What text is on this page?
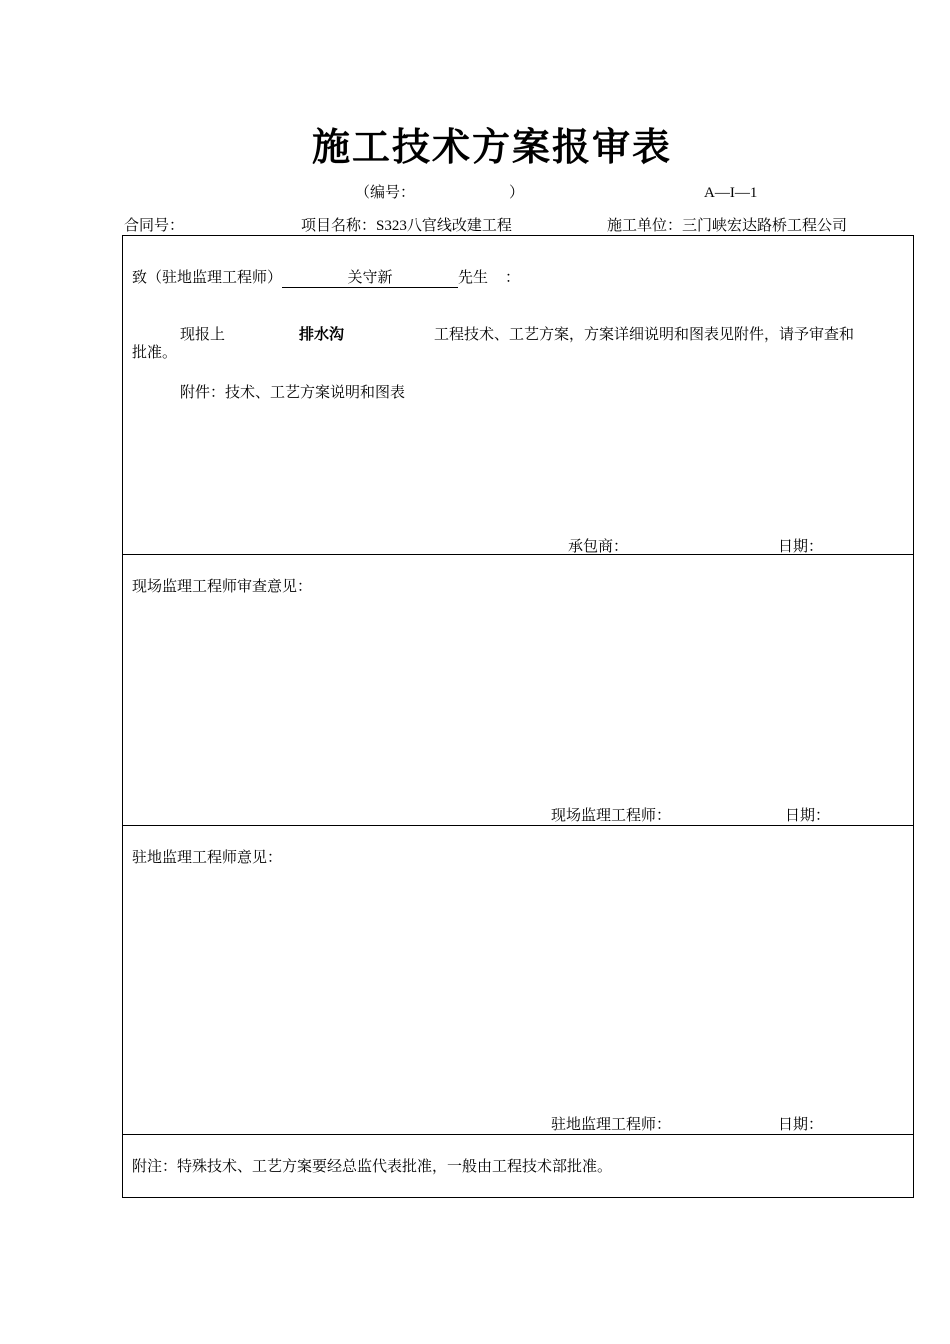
施工技术方案报审表
（编号：	）	A—I—1
合同号：	项目名称：S323八官线改建工程	施工单位：三门峡宏达路桥工程公司
致（驻地监理工程师）	关守新	先生 ：
现报上	排水沟	工程技术、工艺方案，方案详细说明和图表见附件，请予审查和
批准。
附件：技术、工艺方案说明和图表
承包商：	日期：
现场监理工程师审查意见：
现场监理工程师：	日期：
驻地监理工程师意见：
驻地监理工程师：	日期：
附注：特殊技术、工艺方案要经总监代表批准，一般由工程技术部批准。
